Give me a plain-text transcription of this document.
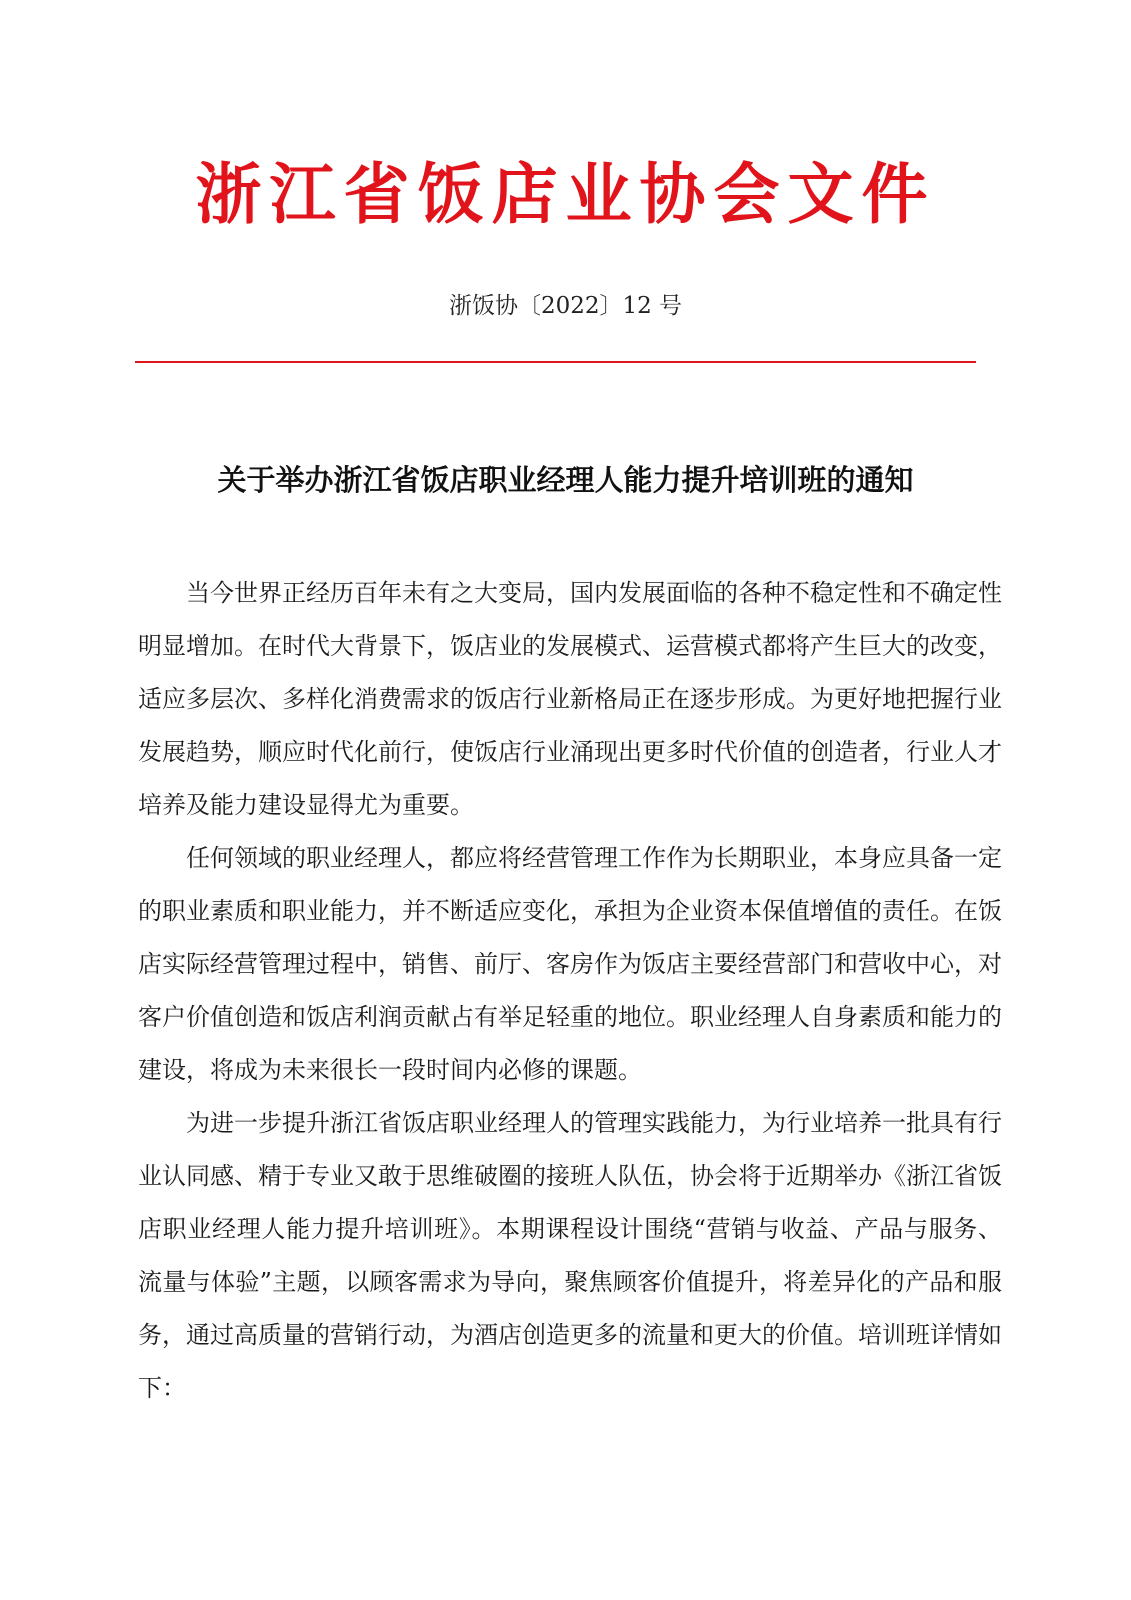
浙江省饭店业协会文件
浙饭协〔2022〕12 号
关于举办浙江省饭店职业经理人能力提升培训班的通知

当今世界正经历百年未有之大变局，国内发展面临的各种不稳定性和不确定性明显增加。在时代大背景下，饭店业的发展模式、运营模式都将产生巨大的改变，适应多层次、多样化消费需求的饭店行业新格局正在逐步形成。为更好地把握行业发展趋势，顺应时代化前行，使饭店行业涌现出更多时代价值的创造者，行业人才培养及能力建设显得尤为重要。

任何领域的职业经理人，都应将经营管理工作作为长期职业，本身应具备一定的职业素质和职业能力，并不断适应变化，承担为企业资本保值增值的责任。在饭店实际经营管理过程中，销售、前厅、客房作为饭店主要经营部门和营收中心，对客户价值创造和饭店利润贡献占有举足轻重的地位。职业经理人自身素质和能力的建设，将成为未来很长一段时间内必修的课题。

为进一步提升浙江省饭店职业经理人的管理实践能力，为行业培养一批具有行业认同感、精于专业又敢于思维破圈的接班人队伍，协会将于近期举办《浙江省饭店职业经理人能力提升培训班》。本期课程设计围绕“营销与收益、产品与服务、流量与体验”主题，以顾客需求为导向，聚焦顾客价值提升，将差异化的产品和服务，通过高质量的营销行动，为酒店创造更多的流量和更大的价值。培训班详情如下：
